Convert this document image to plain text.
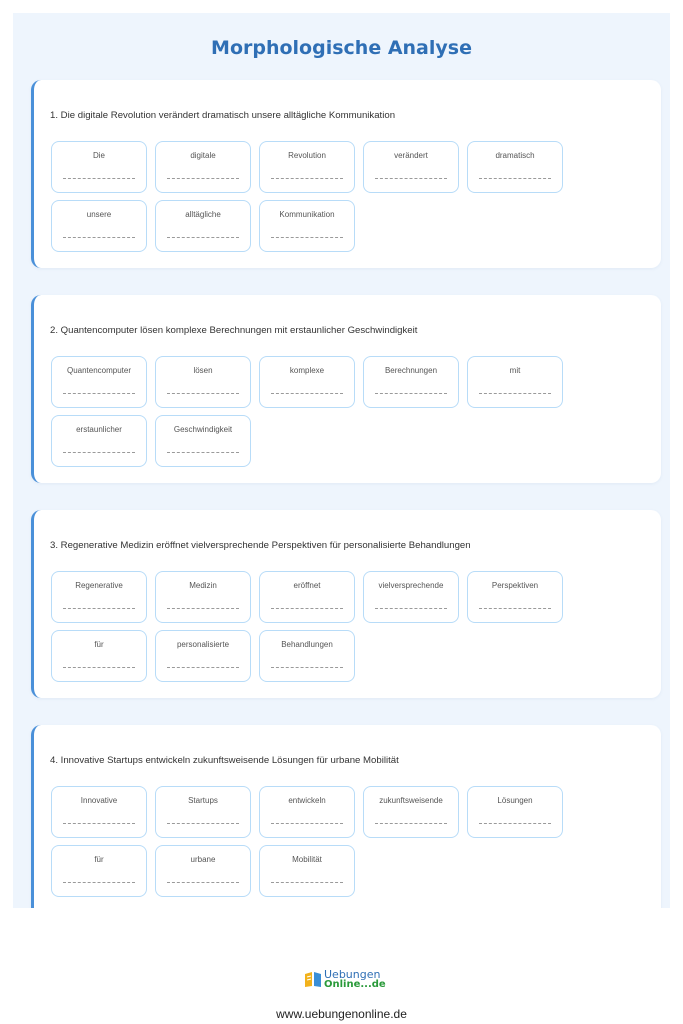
Morphologische Analyse
1. Die digitale Revolution verändert dramatisch unsere alltägliche Kommunikation
Die	digitale	Revolution	verändert	dramatisch
unsere	alltägliche	Kommunikation
2. Quantencomputer lösen komplexe Berechnungen mit erstaunlicher Geschwindigkeit
Quantencomputer	lösen	komplexe	Berechnungen	mit
erstaunlicher	Geschwindigkeit
3. Regenerative Medizin eröffnet vielversprechende Perspektiven für personalisierte Behandlungen
Regenerative	Medizin	eröffnet	vielversprechende	Perspektiven
für	personalisierte	Behandlungen
4. Innovative Startups entwickeln zukunftsweisende Lösungen für urbane Mobilität
Innovative	Startups	entwickeln	zukunftsweisende	Lösungen
für	urbane	Mobilität
Uebungen
Online...de
www.uebungenonline.de
